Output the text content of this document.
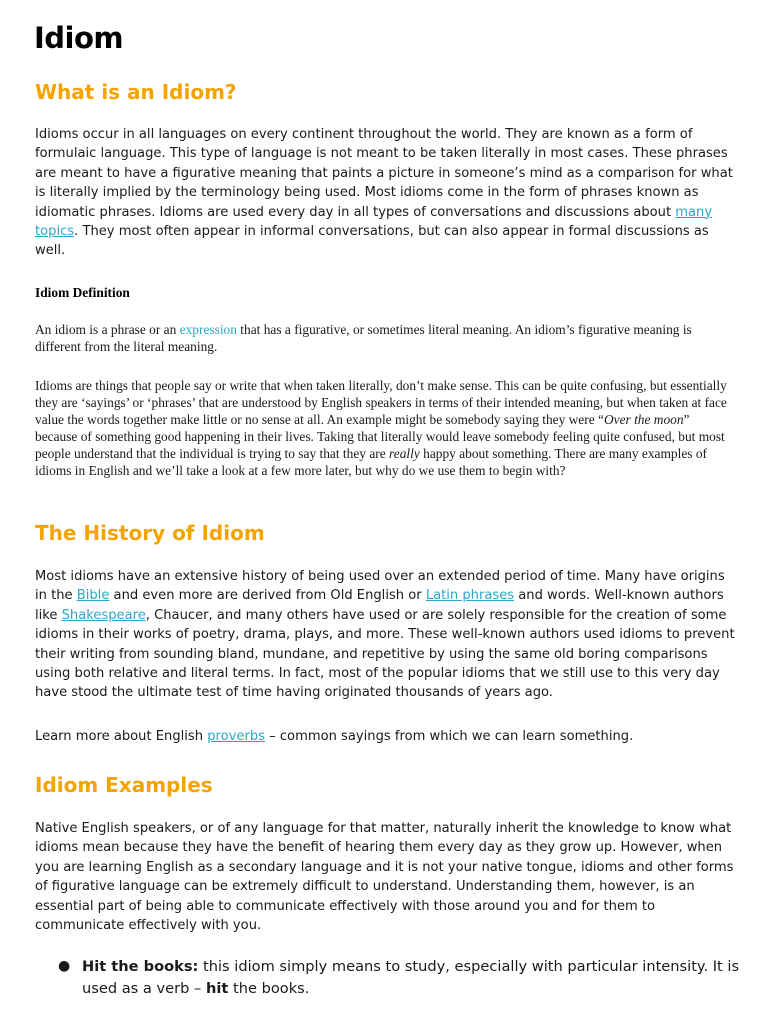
Idiom
What is an Idiom?

Idioms occur in all languages on every continent throughout the world. They are known as a form of formulaic language. This type of language is not meant to be taken literally in most cases. These phrases are meant to have a figurative meaning that paints a picture in someone’s mind as a comparison for what is literally implied by the terminology being used. Most idioms come in the form of phrases known as idiomatic phrases. Idioms are used every day in all types of conversations and discussions about many topics. They most often appear in informal conversations, but can also appear in formal discussions as well.

Idiom Definition

An idiom is a phrase or an expression that has a figurative, or sometimes literal meaning. An idiom’s figurative meaning is different from the literal meaning.

Idioms are things that people say or write that when taken literally, don’t make sense. This can be quite confusing, but essentially they are ‘sayings’ or ‘phrases’ that are understood by English speakers in terms of their intended meaning, but when taken at face value the words together make little or no sense at all. An example might be somebody saying they were “Over the moon” because of something good happening in their lives. Taking that literally would leave somebody feeling quite confused, but most people understand that the individual is trying to say that they are really happy about something. There are many examples of idioms in English and we’ll take a look at a few more later, but why do we use them to begin with?

The History of Idiom

Most idioms have an extensive history of being used over an extended period of time. Many have origins in the Bible and even more are derived from Old English or Latin phrases and words. Well-known authors like Shakespeare, Chaucer, and many others have used or are solely responsible for the creation of some idioms in their works of poetry, drama, plays, and more. These well-known authors used idioms to prevent their writing from sounding bland, mundane, and repetitive by using the same old boring comparisons using both relative and literal terms. In fact, most of the popular idioms that we still use to this very day have stood the ultimate test of time having originated thousands of years ago.

Learn more about English proverbs – common sayings from which we can learn something.

Idiom Examples

Native English speakers, or of any language for that matter, naturally inherit the knowledge to know what idioms mean because they have the benefit of hearing them every day as they grow up. However, when you are learning English as a secondary language and it is not your native tongue, idioms and other forms of figurative language can be extremely difficult to understand. Understanding them, however, is an essential part of being able to communicate effectively with those around you and for them to communicate effectively with you.

● Hit the books: this idiom simply means to study, especially with particular intensity. It is used as a verb – hit the books.
